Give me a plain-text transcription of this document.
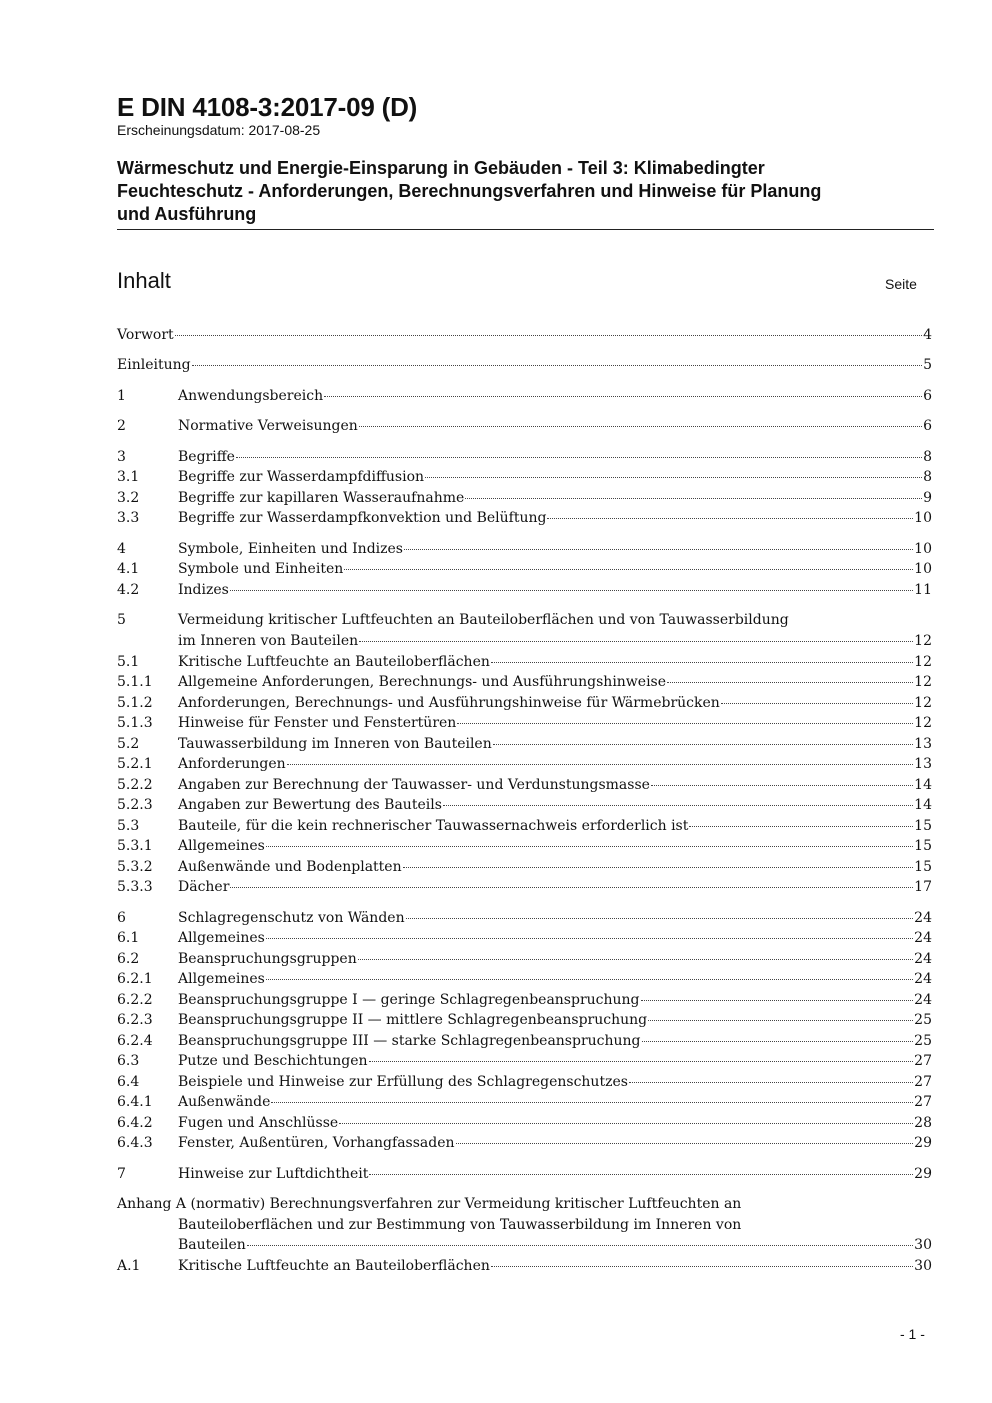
E DIN 4108-3:2017-09 (D)
Erscheinungsdatum: 2017-08-25
Wärmeschutz und Energie-Einsparung in Gebäuden - Teil 3: Klimabedingter
Feuchteschutz - Anforderungen, Berechnungsverfahren und Hinweise für Planung
und Ausführung
Inhalt	Seite
Vorwort	4
Einleitung	5
1	Anwendungsbereich	6
2	Normative Verweisungen	6
3	Begriffe	8
3.1	Begriffe zur Wasserdampfdiffusion	8
3.2	Begriffe zur kapillaren Wasseraufnahme	9
3.3	Begriffe zur Wasserdampfkonvektion und Belüftung	10
4	Symbole, Einheiten und Indizes	10
4.1	Symbole und Einheiten	10
4.2	Indizes	11
5	Vermeidung kritischer Luftfeuchten an Bauteiloberflächen und von Tauwasserbildung
im Inneren von Bauteilen	12
5.1	Kritische Luftfeuchte an Bauteiloberflächen	12
5.1.1 Allgemeine Anforderungen, Berechnungs- und Ausführungshinweise	12
5.1.2 Anforderungen, Berechnungs- und Ausführungshinweise für Wärmebrücken	12
5.1.3 Hinweise für Fenster und Fenstertüren	12
5.2	Tauwasserbildung im Inneren von Bauteilen	13
5.2.1 Anforderungen	13
5.2.2 Angaben zur Berechnung der Tauwasser- und Verdunstungsmasse	14
5.2.3 Angaben zur Bewertung des Bauteils	14
5.3	Bauteile, für die kein rechnerischer Tauwassernachweis erforderlich ist	15
5.3.1 Allgemeines	15
5.3.2 Außenwände und Bodenplatten	15
5.3.3 Dächer	17
6	Schlagregenschutz von Wänden	24
6.1	Allgemeines	24
6.2	Beanspruchungsgruppen	24
6.2.1 Allgemeines	24
6.2.2 Beanspruchungsgruppe I — geringe Schlagregenbeanspruchung	24
6.2.3 Beanspruchungsgruppe II — mittlere Schlagregenbeanspruchung	25
6.2.4 Beanspruchungsgruppe III — starke Schlagregenbeanspruchung	25
6.3	Putze und Beschichtungen	27
6.4	Beispiele und Hinweise zur Erfüllung des Schlagregenschutzes	27
6.4.1 Außenwände	27
6.4.2 Fugen und Anschlüsse	28
6.4.3 Fenster, Außentüren, Vorhangfassaden	29
7	Hinweise zur Luftdichtheit	29
Anhang A (normativ) Berechnungsverfahren zur Vermeidung kritischer Luftfeuchten an
Bauteiloberflächen und zur Bestimmung von Tauwasserbildung im Inneren von
Bauteilen	30
A.1	Kritische Luftfeuchte an Bauteiloberflächen	30
- 1 -
